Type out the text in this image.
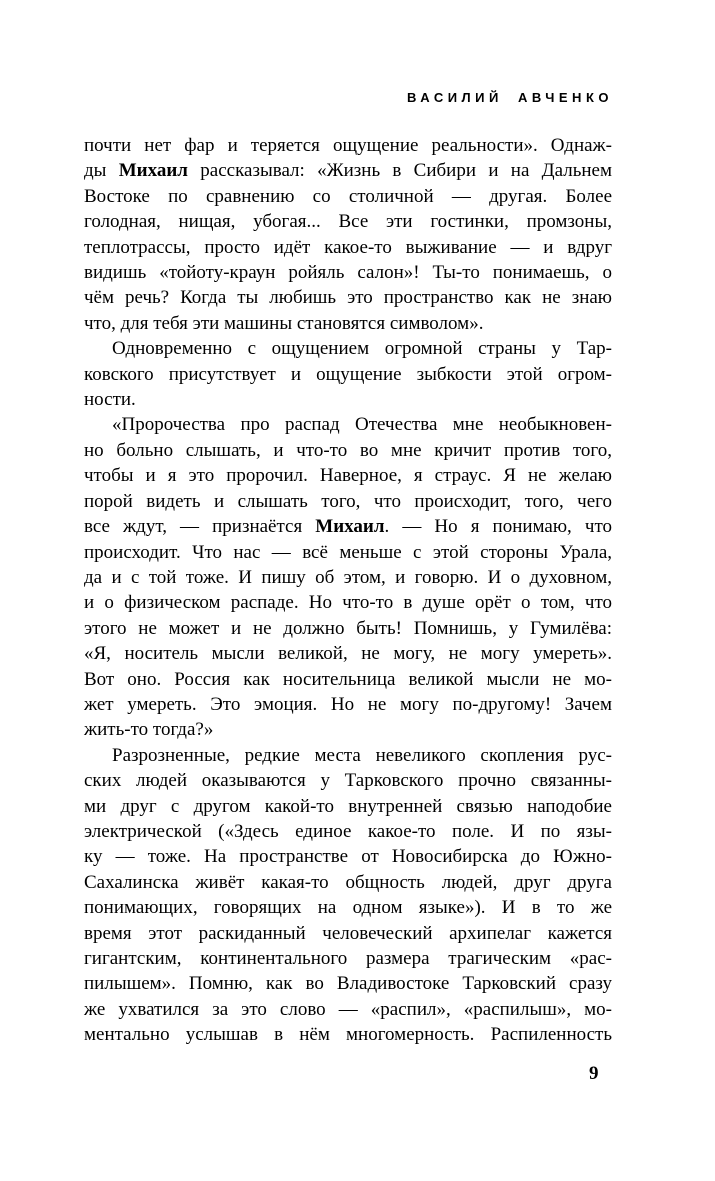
ВАСИЛИЙ АВЧЕНКО
почти нет фар и теряется ощущение реальности». Однаж-
ды Михаил рассказывал: «Жизнь в Сибири и на Дальнем
Востоке по сравнению со столичной — другая. Более
голодная, нищая, убогая... Все эти гостинки, промзоны,
теплотрассы, просто идёт какое-то выживание — и вдруг
видишь «тойоту-краун ройяль салон»! Ты-то понимаешь, о
чём речь? Когда ты любишь это пространство как не знаю
что, для тебя эти машины становятся символом».
Одновременно с ощущением огромной страны у Тар-
ковского присутствует и ощущение зыбкости этой огром-
ности.
«Пророчества про распад Отечества мне необыкновен-
но больно слышать, и что-то во мне кричит против того,
чтобы и я это пророчил. Наверное, я страус. Я не желаю
порой видеть и слышать того, что происходит, того, чего
все ждут, — признаётся Михаил. — Но я понимаю, что
происходит. Что нас — всё меньше с этой стороны Урала,
да и с той тоже. И пишу об этом, и говорю. И о духовном,
и о физическом распаде. Но что-то в душе орёт о том, что
этого не может и не должно быть! Помнишь, у Гумилёва:
«Я, носитель мысли великой, не могу, не могу умереть».
Вот оно. Россия как носительница великой мысли не мо-
жет умереть. Это эмоция. Но не могу по-другому! Зачем
жить-то тогда?»
Разрозненные, редкие места невеликого скопления рус-
ских людей оказываются у Тарковского прочно связанны-
ми друг с другом какой-то внутренней связью наподобие
электрической («Здесь единое какое-то поле. И по язы-
ку — тоже. На пространстве от Новосибирска до Южно-
Сахалинска живёт какая-то общность людей, друг друга
понимающих, говорящих на одном языке»). И в то же
время этот раскиданный человеческий архипелаг кажется
гигантским, континентального размера трагическим «рас-
пилышем». Помню, как во Владивостоке Тарковский сразу
же ухватился за это слово — «распил», «распилыш», мо-
ментально услышав в нём многомерность. Распиленность
9
